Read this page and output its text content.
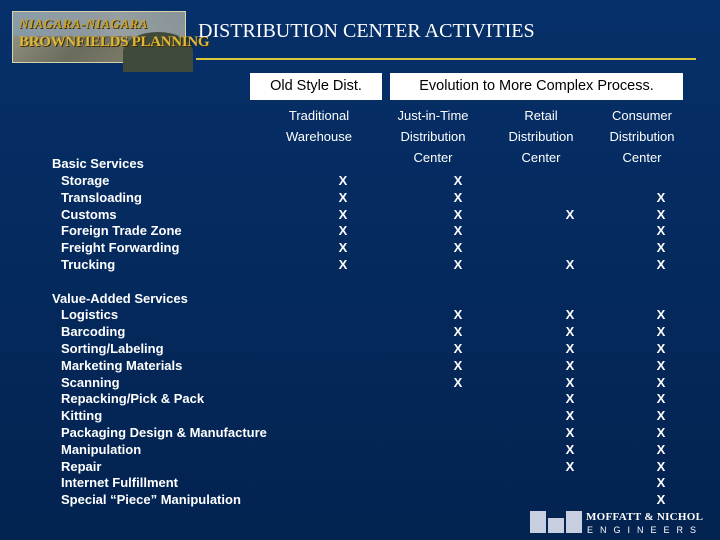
NIAGARA-NIAGARA
BROWNFIELDS PLANNING
DISTRIBUTION CENTER ACTIVITIES
Old Style Dist.	Evolution to More Complex Process.
Traditional
Warehouse
Just-in-Time
Distribution
Center
Retail
Distribution
Center
Consumer
Distribution
Center
Basic Services
Storage
Transloading
Customs
Foreign Trade Zone
Freight Forwarding
Trucking
Value-Added Services
Logistics
Barcoding
Sorting/Labeling
Marketing Materials
Scanning
Repacking/Pick & Pack
Kitting
Packaging Design & Manufacture
Manipulation
Repair
Internet Fulfillment
Special “Piece” Manipulation
X
X
X
X
X
X
X
X
X
X
X
X
X
X
X
X
X
X
X
X
X
X
X
X
X
X
X
X
X
X
X
X
X
X
X
X
X
X
X
X
X
X
X
X
X
X
MOFFATT & NICHOL
ENGINEERS
